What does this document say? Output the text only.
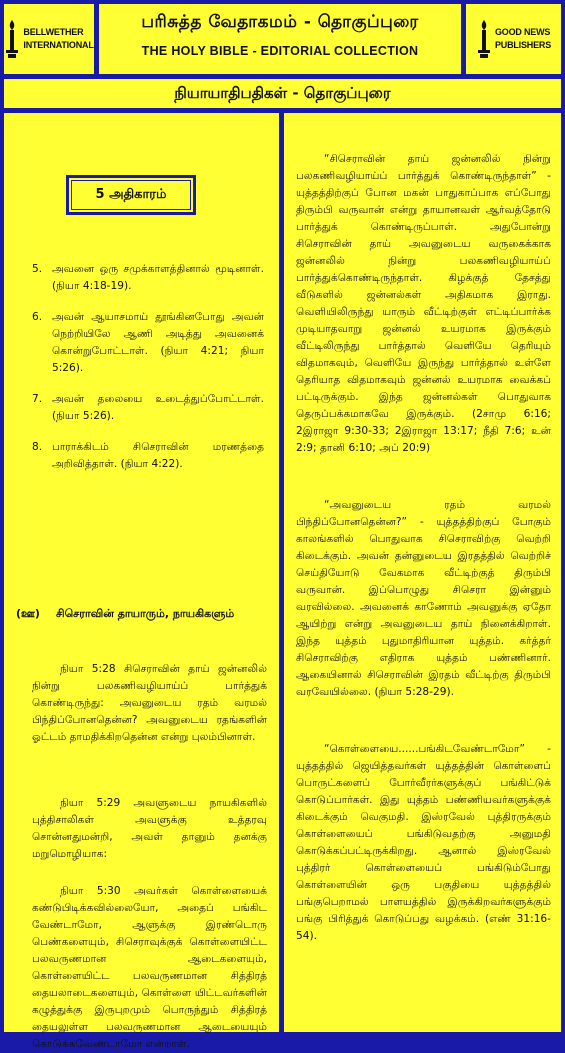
BELLWETHER
INTERNATIONAL
பரிசுத்த வேதாகமம் - தொகுப்புரை
THE HOLY BIBLE - EDITORIAL COLLECTION
GOOD NEWS
PUBLISHERS
நியாயாதிபதிகள் - தொகுப்புரை
5 அதிகாரம்
5. அவனை ஒரு சமுக்காளத்தினால் மூடினாள். (நியா 4:18-19).
6. அவன் ஆயாசமாய் தூங்கினபோது அவன் நெற்றியிலே ஆணி அடித்து அவனைக் கொன்றுபோட்டாள். (நியா 4:21; நியா 5:26).
7. அவன் தலையை உடைத்துப்போட்டாள். (நியா 5:26).
8. பாராக்கிடம் சிசெராவின் மரணத்தை அறிவித்தாள். (நியா 4:22).
(ஊ)	சிசெராவின் தாயாரும், நாயகிகளும்
நியா 5:28 சிசெராவின் தாய் ஜன்னலில் நின்று பலகணிவழியாய்ப் பார்த்துக் கொண்டிருந்து: அவனுடைய ரதம் வரமல் பிந்திப்போனதென்ன? அவனுடைய ரதங்களின் ஓட்டம் தாமதிக்கிறதென்ன என்று புலம்பினாள்.
நியா 5:29 அவளுடைய நாயகிகளில் புத்திசாலிகள் அவளுக்கு உத்தரவு சொன்னதுமன்றி, அவள் தானும் தனக்கு மறுமொழியாக:
நியா 5:30 அவர்கள் கொள்ளையைக் கண்டுபிடிக்கவில்லையோ, அதைப் பங்கிட வேண்டாமோ, ஆளுக்கு இரண்டொரு பெண்களையும், சிசெராவுக்குக் கொள்ளையிட்ட பலவருணமான ஆடைகளையும், கொள்ளையிட்ட பலவருணமான சித்திரத் தையலாடைகளையும், கொள்ளை யிட்டவர்களின் கழுத்துக்கு இருபுறமும் பொருந்தும் சித்திரத் தையலுள்ள பலவருணமான ஆடையையும் கொடுக்கவேண்டாமோ என்றாள்.
“சிசெராவின் தாய் ஜன்னலில் நின்று பலகணிவழியாய்ப் பார்த்துக் கொண்டிருந்தாள்” - யுத்தத்திற்குப் போன மகன் பாதுகாப்பாக எப்போது திரும்பி வருவான் என்று தாயானவள் ஆர்வத்தோடு பார்த்துக் கொண்டிருப்பாள். அதுபோன்று சிசெராவின் தாய் அவனுடைய வருகைக்காக ஜன்னலில் நின்று பலகணிவழியாய்ப் பார்த்துக்கொண்டிருந்தாள். கிழக்குத் தேசத்து வீடுகளில் ஜன்னல்கள் அதிகமாக இராது. வெளியிலிருந்து யாரும் வீட்டிற்குள் எட்டிப்பார்க்க முடியாதவாறு ஜன்னல் உயரமாக இருக்கும் வீட்டிலிருந்து பார்த்தால் வெளியே தெரியும் விதமாகவும், வெளியே இருந்து பார்த்தால் உள்ளே தெரியாத விதமாகவும் ஜன்னல் உயரமாக வைக்கப் பட்டிருக்கும். இந்த ஜன்னல்கள் பொதுவாக தெருப்பக்கமாகவே இருக்கும். (2சாமு 6:16; 2இராஜா 9:30-33; 2இராஜா 13:17; நீதி 7:6; உன் 2:9; தானி 6:10; அப் 20:9)
“அவனுடைய ரதம் வரமல் பிந்திப்போனதென்ன?” - யுத்தத்திற்குப் போகும் காலங்களில் பொதுவாக சிசெராவிற்கு வெற்றி கிடைக்கும். அவன் தன்னுடைய இரதத்தில் வெற்றிச் செய்தியோடு வேகமாக வீட்டிற்குத் திரும்பி வருவான். இப்பொழுது சிசெரா இன்னும் வரவில்லை. அவனைக் காணோம் அவனுக்கு ஏதோ ஆயிற்று என்று அவனுடைய தாய் நினைக்கிறாள். இந்த யுத்தம் புதுமாதிரியான யுத்தம். கர்த்தர் சிசெராவிற்கு எதிராக யுத்தம் பண்ணினார். ஆகையினால் சிசெராவின் இரதம் வீட்டிற்கு திரும்பி வரவேயில்லை. (நியா 5:28-29).
“கொள்ளையை......பங்கிடவேண்டாமோ” - யுத்தத்தில் ஜெயித்தவர்கள் யுத்தத்தின் கொள்ளைப் பொருட்களைப் போர்வீரர்களுக்குப் பங்கிட்டுக் கொடுப்பார்கள். இது யுத்தம் பண்ணியவர்களுக்குக் கிடைக்கும் வெகுமதி. இஸ்ரவேல் புத்திரருக்கும் கொள்ளையைப் பங்கிடுவதற்கு அனுமதி கொடுக்கப்பட்டிருக்கிறது. ஆனால் இஸ்ரவேல் புத்திரர் கொள்ளையைப் பங்கிடும்போது கொள்ளையின் ஒரு பகுதியை யுத்தத்தில் பங்குபெறாமல் பாளயத்தில் இருக்கிறவர்களுக்கும் பங்கு பிரித்துக் கொடுப்பது வழக்கம். (எண் 31:16-54).
